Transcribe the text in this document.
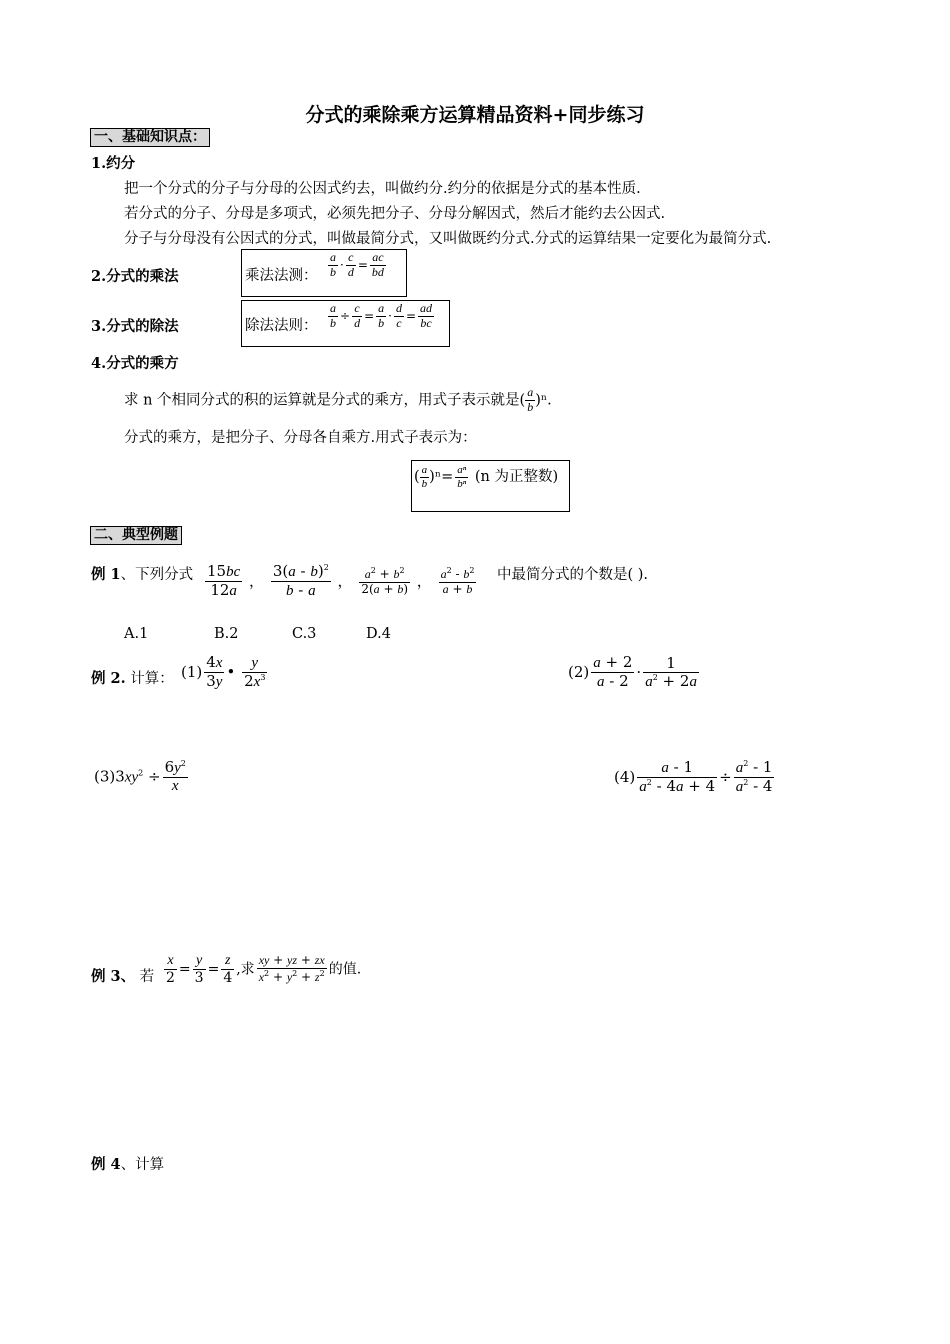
分式的乘除乘方运算精品资料+同步练习
一、基础知识点：
1.约分
把一个分式的分子与分母的公因式约去，叫做约分.约分的依据是分式的基本性质.
若分式的分子、分母是多项式，必须先把分子、分母分解因式，然后才能约去公因式.
分子与分母没有公因式的分式，叫做最简分式，又叫做既约分式.分式的运算结果一定要化为最简分式.
2.分式的乘法	乘法法测： $\frac{a}{b} \cdot \frac{c}{d} = \frac{ac}{bd}$
3.分式的除法	除法法则： $\frac{a}{b} \div \frac{c}{d} = \frac{a}{b} \cdot \frac{d}{c} = \frac{ad}{bc}$
4.分式的乘方
求 n 个相同分式的积的运算就是分式的乘方，用式子表示就是( $\frac{a}{b} )^n$.
分式的乘方，是把分子、分母各自乘方.用式子表示为：
( $\frac{a}{b} )^n= \frac{\text{aⁿ}}{\text{bⁿ}} (n$ 为正整数)
二、典型例题
例 1、下列分式 $\frac{15bc}{12a}$ ， $\frac{3(a - b)^2}{b - a}$ ， $\frac{a^2 + b^2}{2(a + b)}$ ， $\frac{a^2 - b^2}{a + b}$ 中最简分式的个数是( ).
A.1	B.2	C.3	D.4
例 2. 计算： $(1) \frac{4x}{3y}$ • $\frac{y}{2x^3}$	$(2) \frac{a + 2}{a - 2} \cdot \frac{1}{a^2 + 2a}$
$(3)3xy^2 \div \frac{6y^2}{x}$	$(4) \frac{a - 1}{a^2 - 4a + 4} \div \frac{a^2 - 1}{a^2 - 4}$
例 3、 若 $\frac{x}{2} = \frac{y}{3} = \frac{z}{4}$ ,求 $\frac{xy + yz + zx}{x^2 + y^2 + z^2}$ 的值.
例 4、计算
